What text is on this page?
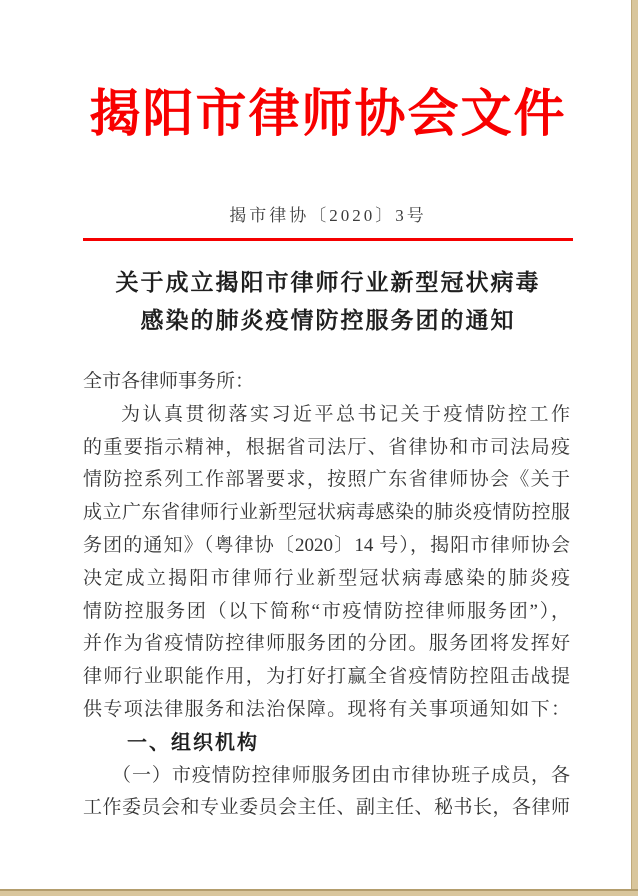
揭阳市律师协会文件
揭市律协〔2020〕3号
关于成立揭阳市律师行业新型冠状病毒
感染的肺炎疫情防控服务团的通知
全市各律师事务所：
为认真贯彻落实习近平总书记关于疫情防控工作
的重要指示精神，根据省司法厅、省律协和市司法局疫
情防控系列工作部署要求，按照广东省律师协会《关于
成立广东省律师行业新型冠状病毒感染的肺炎疫情防控服
务团的通知》（粤律协〔2020〕14 号），揭阳市律师协会
决定成立揭阳市律师行业新型冠状病毒感染的肺炎疫
情防控服务团（以下简称“市疫情防控律师服务团”），
并作为省疫情防控律师服务团的分团。服务团将发挥好
律师行业职能作用，为打好打赢全省疫情防控阻击战提
供专项法律服务和法治保障。现将有关事项通知如下：
一、组织机构
（一）市疫情防控律师服务团由市律协班子成员，各
工作委员会和专业委员会主任、副主任、秘书长，各律师
